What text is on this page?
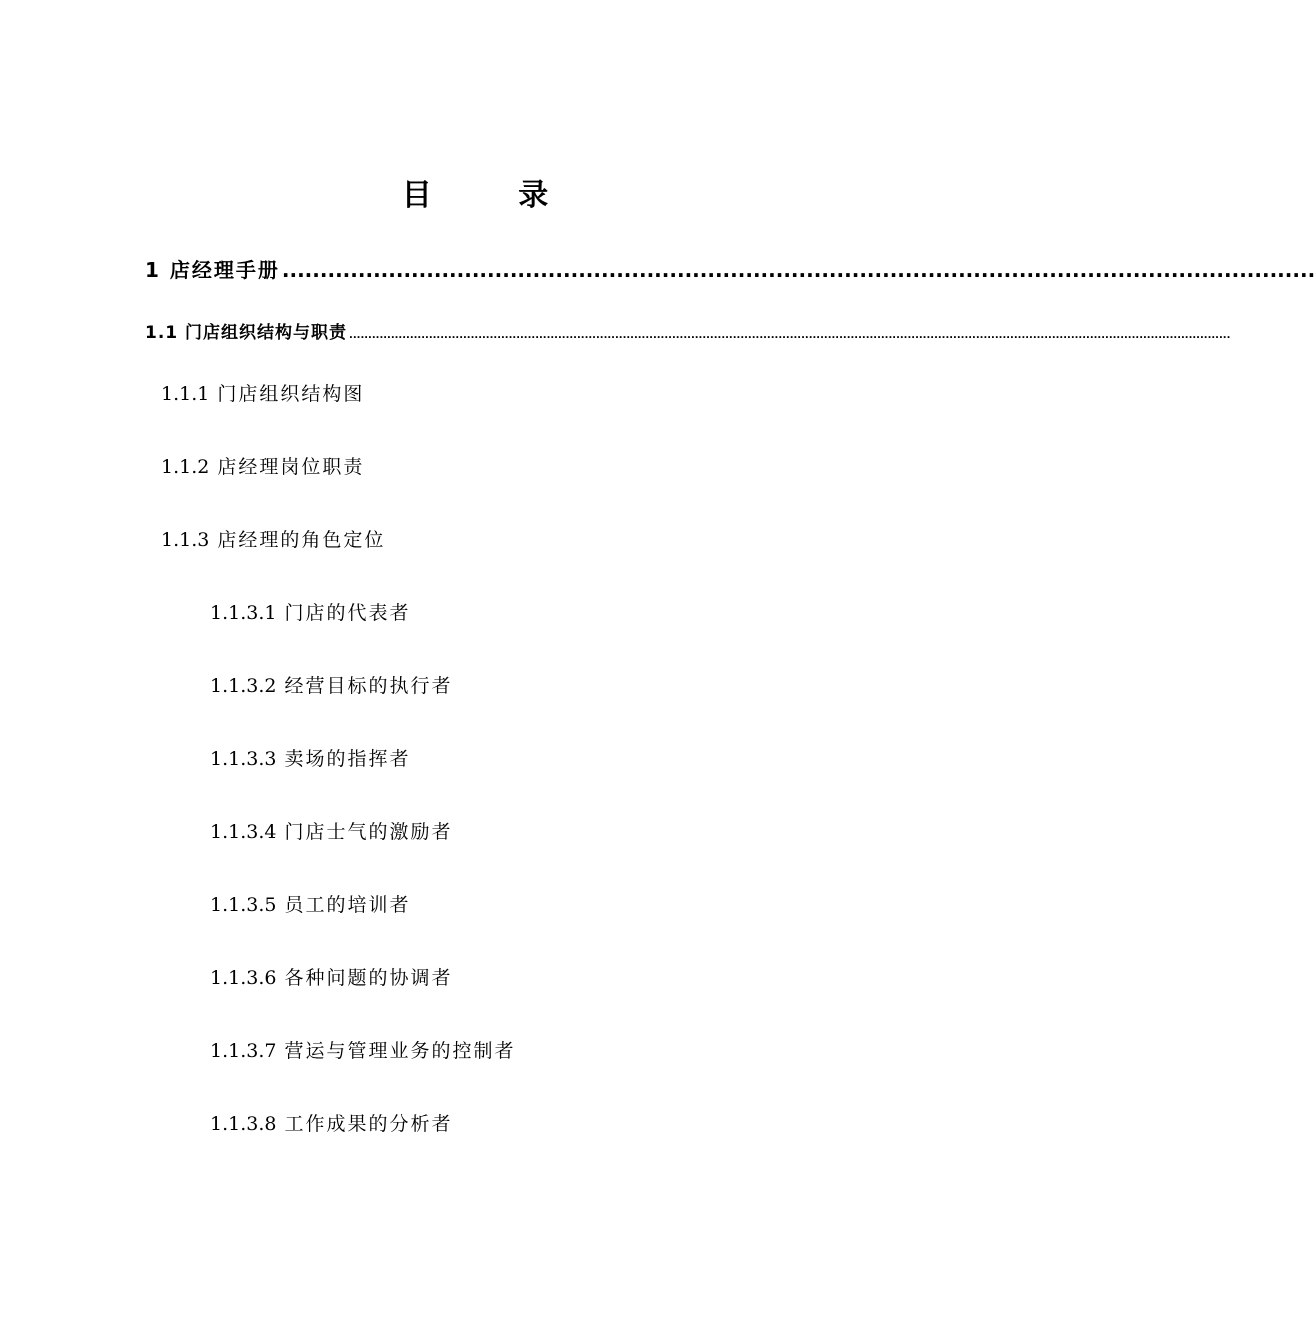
目 录
1 店经理手册 ........................................................................................................................................
1.1 门店组织结构与职责 ........................................................................................................................................................................................................................................
1.1.1 门店组织结构图
1.1.2 店经理岗位职责
1.1.3 店经理的角色定位
1.1.3.1 门店的代表者
1.1.3.2 经营目标的执行者
1.1.3.3 卖场的指挥者
1.1.3.4 门店士气的激励者
1.1.3.5 员工的培训者
1.1.3.6 各种问题的协调者
1.1.3.7 营运与管理业务的控制者
1.1.3.8 工作成果的分析者
